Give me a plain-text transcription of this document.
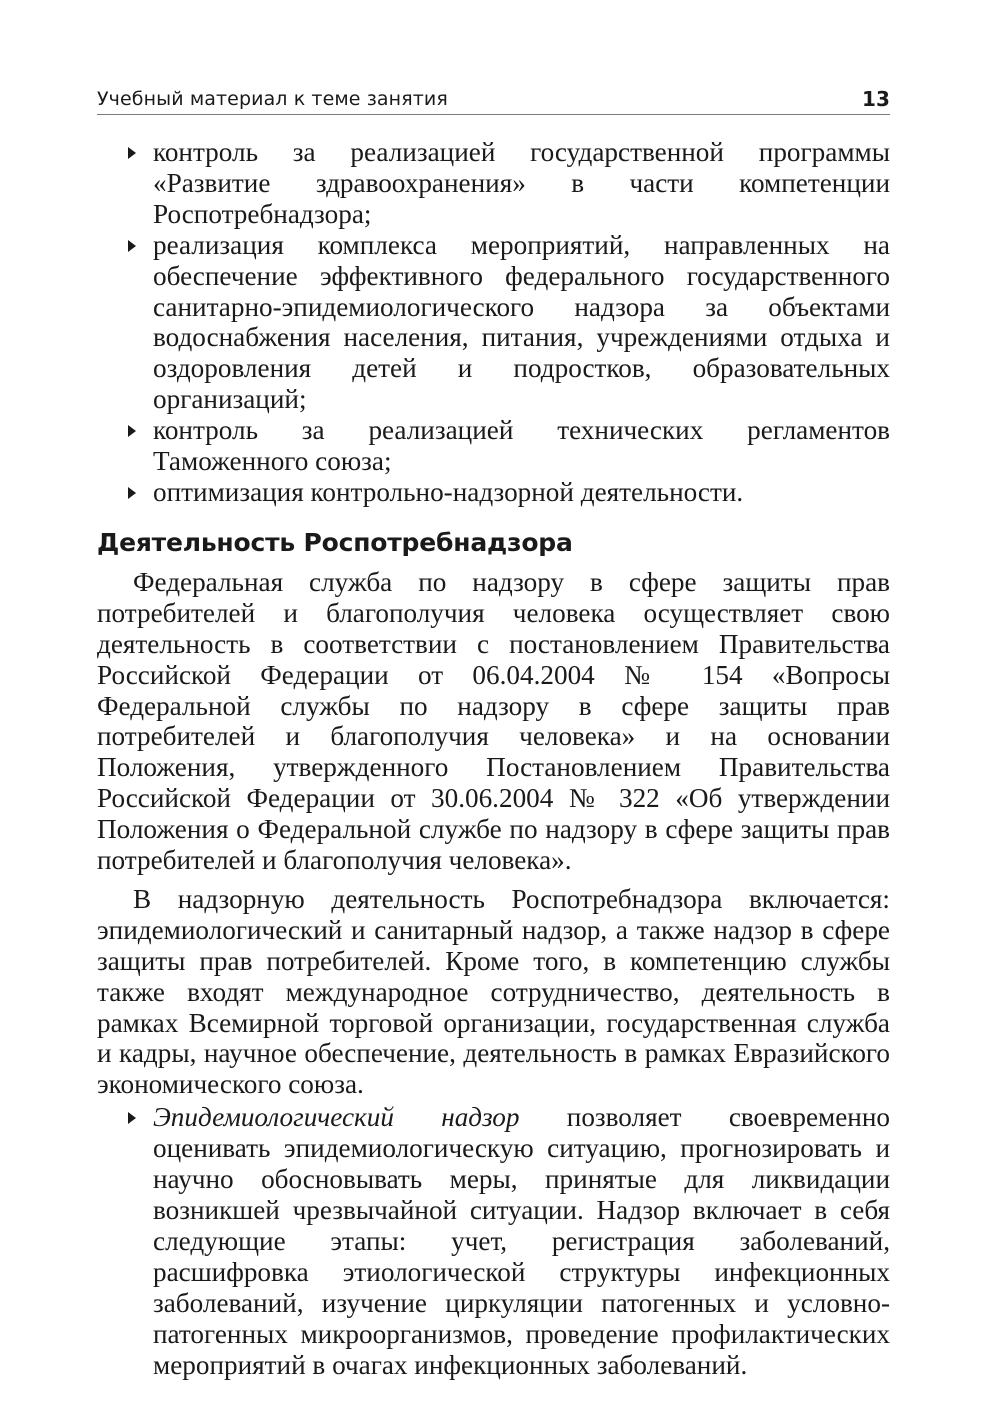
Учебный материал к теме занятия	13
контроль за реализацией государственной программы «Развитие здравоохранения» в части компетенции Роспотребнадзора;
реализация комплекса мероприятий, направленных на обеспечение эффективного федерального государственного санитарно-эпидемиологического надзора за объектами водоснабжения населения, питания, учреждениями отдыха и оздоровления детей и подростков, образовательных организаций;
контроль за реализацией технических регламентов Таможенного союза;
оптимизация контрольно-надзорной деятельности.
Деятельность Роспотребнадзора

Федеральная служба по надзору в сфере защиты прав потребителей и благополучия человека осуществляет свою деятельность в соответствии с постановлением Правительства Российской Федерации от 06.04.2004 № 154 «Вопросы Федеральной службы по надзору в сфере защиты прав потребителей и благополучия человека» и на основании Положения, утвержденного Постановлением Правительства Российской Федерации от 30.06.2004 № 322 «Об утверждении Положения о Федеральной службе по надзору в сфере защиты прав потребителей и благополучия человека».

В надзорную деятельность Роспотребнадзора включается: эпидемиологический и санитарный надзор, а также надзор в сфере защиты прав потребителей. Кроме того, в компетенцию службы также входят международное сотрудничество, деятельность в рамках Всемирной торговой организации, государственная служба и кадры, научное обеспечение, деятельность в рамках Евразийского экономического союза.

Эпидемиологический надзор позволяет своевременно оценивать эпидемиологическую ситуацию, прогнозировать и научно обосновывать меры, принятые для ликвидации возникшей чрезвычайной ситуации. Надзор включает в себя следующие этапы: учет, регистрация заболеваний, расшифровка этиологической структуры инфекционных заболеваний, изучение циркуляции патогенных и условно-патогенных микроорганизмов, проведение профилактических мероприятий в очагах инфекционных заболеваний.
